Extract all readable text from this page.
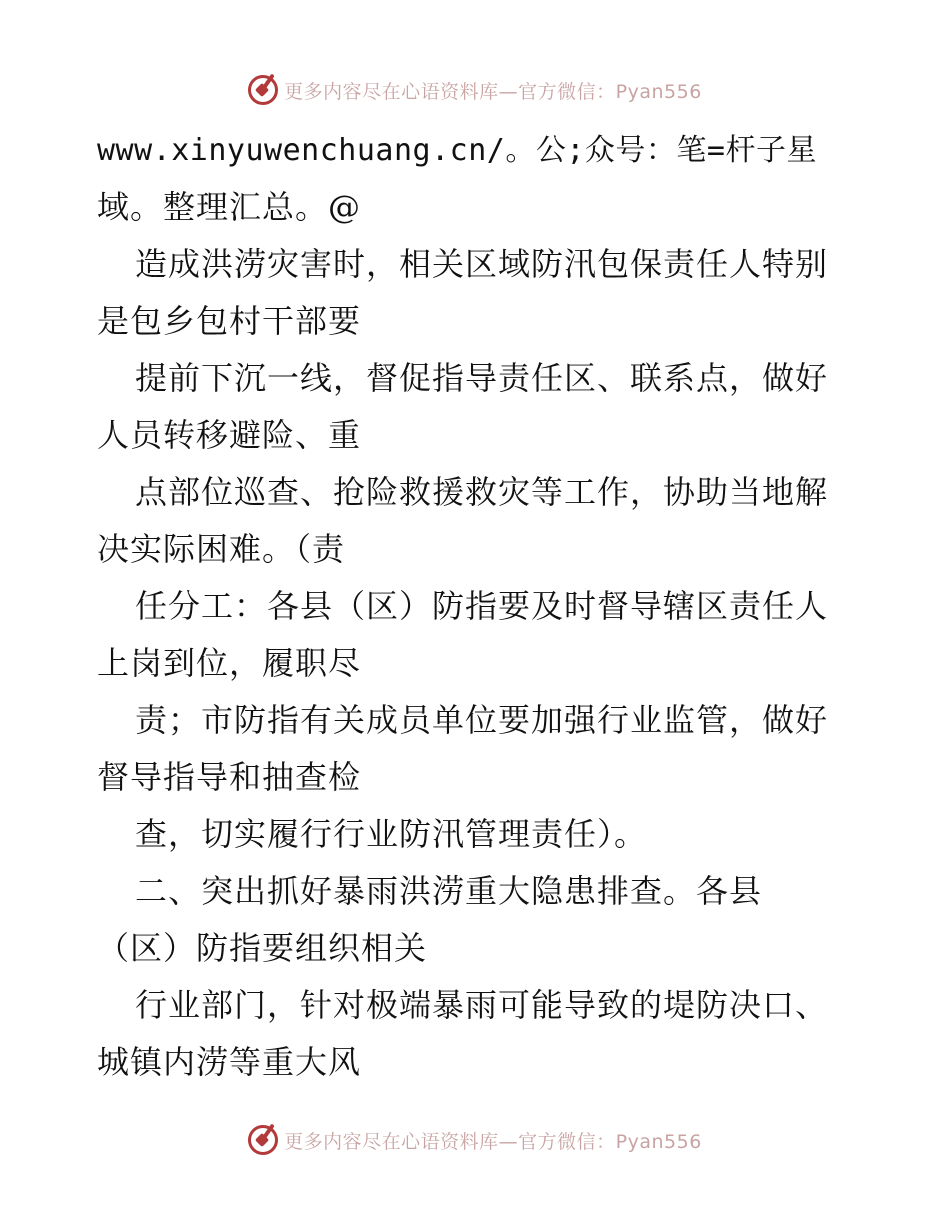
更多内容尽在心语资料库—官方微信：Pyan556
www.xinyuwenchuang.cn/。公;众号：笔=杆子星
域。整理汇总。@
造成洪涝灾害时，相关区域防汛包保责任人特别
是包乡包村干部要
提前下沉一线，督促指导责任区、联系点，做好
人员转移避险、重
点部位巡查、抢险救援救灾等工作，协助当地解
决实际困难。（责
任分工：各县（区）防指要及时督导辖区责任人
上岗到位，履职尽
责；市防指有关成员单位要加强行业监管，做好
督导指导和抽查检
查，切实履行行业防汛管理责任）。
二、突出抓好暴雨洪涝重大隐患排查。各县
（区）防指要组织相关
行业部门，针对极端暴雨可能导致的堤防决口、
城镇内涝等重大风
更多内容尽在心语资料库—官方微信：Pyan556
